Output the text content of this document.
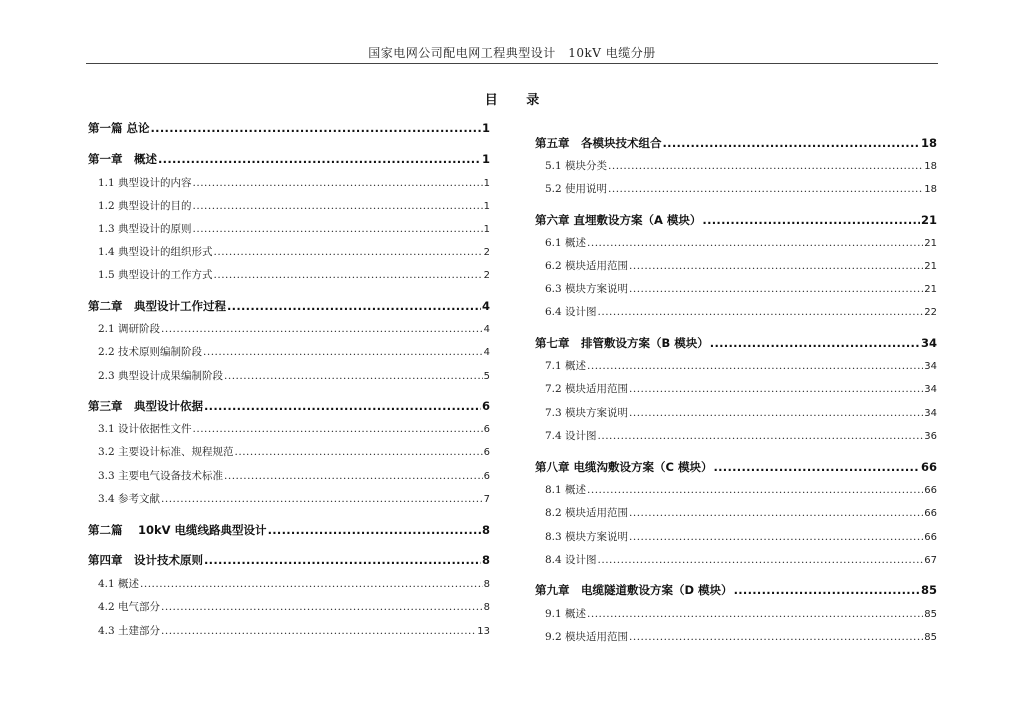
国家电网公司配电网工程典型设计　10kV 电缆分册
目 录
第一篇 总论 .....	1
第一章　概述 .....	1
1.1 典型设计的内容 .....	1
1.2 典型设计的目的 .....	1
1.3 典型设计的原则 .....	1
1.4 典型设计的组织形式 .....	2
1.5 典型设计的工作方式 .....	2
第二章　典型设计工作过程 .....	4
2.1 调研阶段 .....	4
2.2 技术原则编制阶段 .....	4
2.3 典型设计成果编制阶段 .....	5
第三章　典型设计依据 .....	6
3.1 设计依据性文件 .....	6
3.2 主要设计标准、规程规范 .....	6
3.3 主要电气设备技术标准 .....	6
3.4 参考文献 .....	7
第二篇　 10kV 电缆线路典型设计 .....	8
第四章　设计技术原则 .....	8
4.1 概述 .....	8
4.2 电气部分 .....	8
4.3 土建部分 .....	13
第五章　各模块技术组合 .....	18
5.1 模块分类 .....	18
5.2 使用说明 .....	18
第六章 直埋敷设方案（A 模块） .....	21
6.1 概述 .....	21
6.2 模块适用范围 .....	21
6.3 模块方案说明 .....	21
6.4 设计图 .....	22
第七章　排管敷设方案（B 模块） .....	34
7.1 概述 .....	34
7.2 模块适用范围 .....	34
7.3 模块方案说明 .....	34
7.4 设计图 .....	36
第八章 电缆沟敷设方案（C 模块） .....	66
8.1 概述 .....	66
8.2 模块适用范围 .....	66
8.3 模块方案说明 .....	66
8.4 设计图 .....	67
第九章　电缆隧道敷设方案（D 模块） .....	85
9.1 概述 .....	85
9.2 模块适用范围 .....	85
